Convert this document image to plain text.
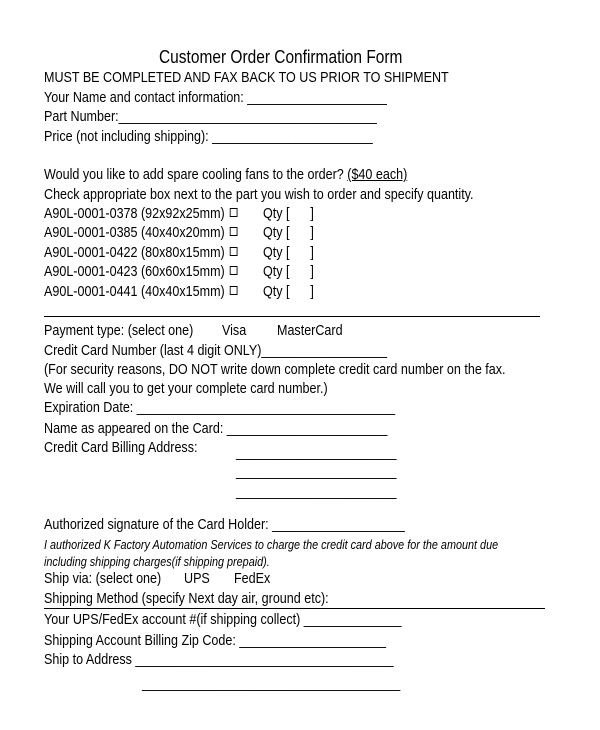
Customer Order Confirmation Form
MUST BE COMPLETED AND FAX BACK TO US PRIOR TO SHIPMENT
Your Name and contact information: ____________________
Part Number:_____________________________________
Price (not including shipping): _______________________
Would you like to add spare cooling fans to the order? ($40 each)
Check appropriate box next to the part you wish to order and specify quantity.
A90L-0001-0378 (92x92x25mm)	Qty [      ]
A90L-0001-0385 (40x40x20mm)	Qty [      ]
A90L-0001-0422 (80x80x15mm)	Qty [      ]
A90L-0001-0423 (60x60x15mm)	Qty [      ]
A90L-0001-0441 (40x40x15mm)	Qty [      ]
Payment type: (select one) Visa MasterCard
Credit Card Number (last 4 digit ONLY)__________________
(For security reasons, DO NOT write down complete credit card number on the fax.
We will call you to get your complete card number.)
Expiration Date: _____________________________________
Name as appeared on the Card: _______________________
Credit Card Billing Address:	_______________________
_______________________
_______________________
Authorized signature of the Card Holder: ___________________
I authorized K Factory Automation Services to charge the credit card above for the amount due
including shipping charges(if shipping prepaid).
Ship via: (select one) UPS FedEx
Shipping Method (specify Next day air, ground etc):
Your UPS/FedEx account #(if shipping collect) ______________
Shipping Account Billing Zip Code: _____________________
Ship to Address _____________________________________
_____________________________________
